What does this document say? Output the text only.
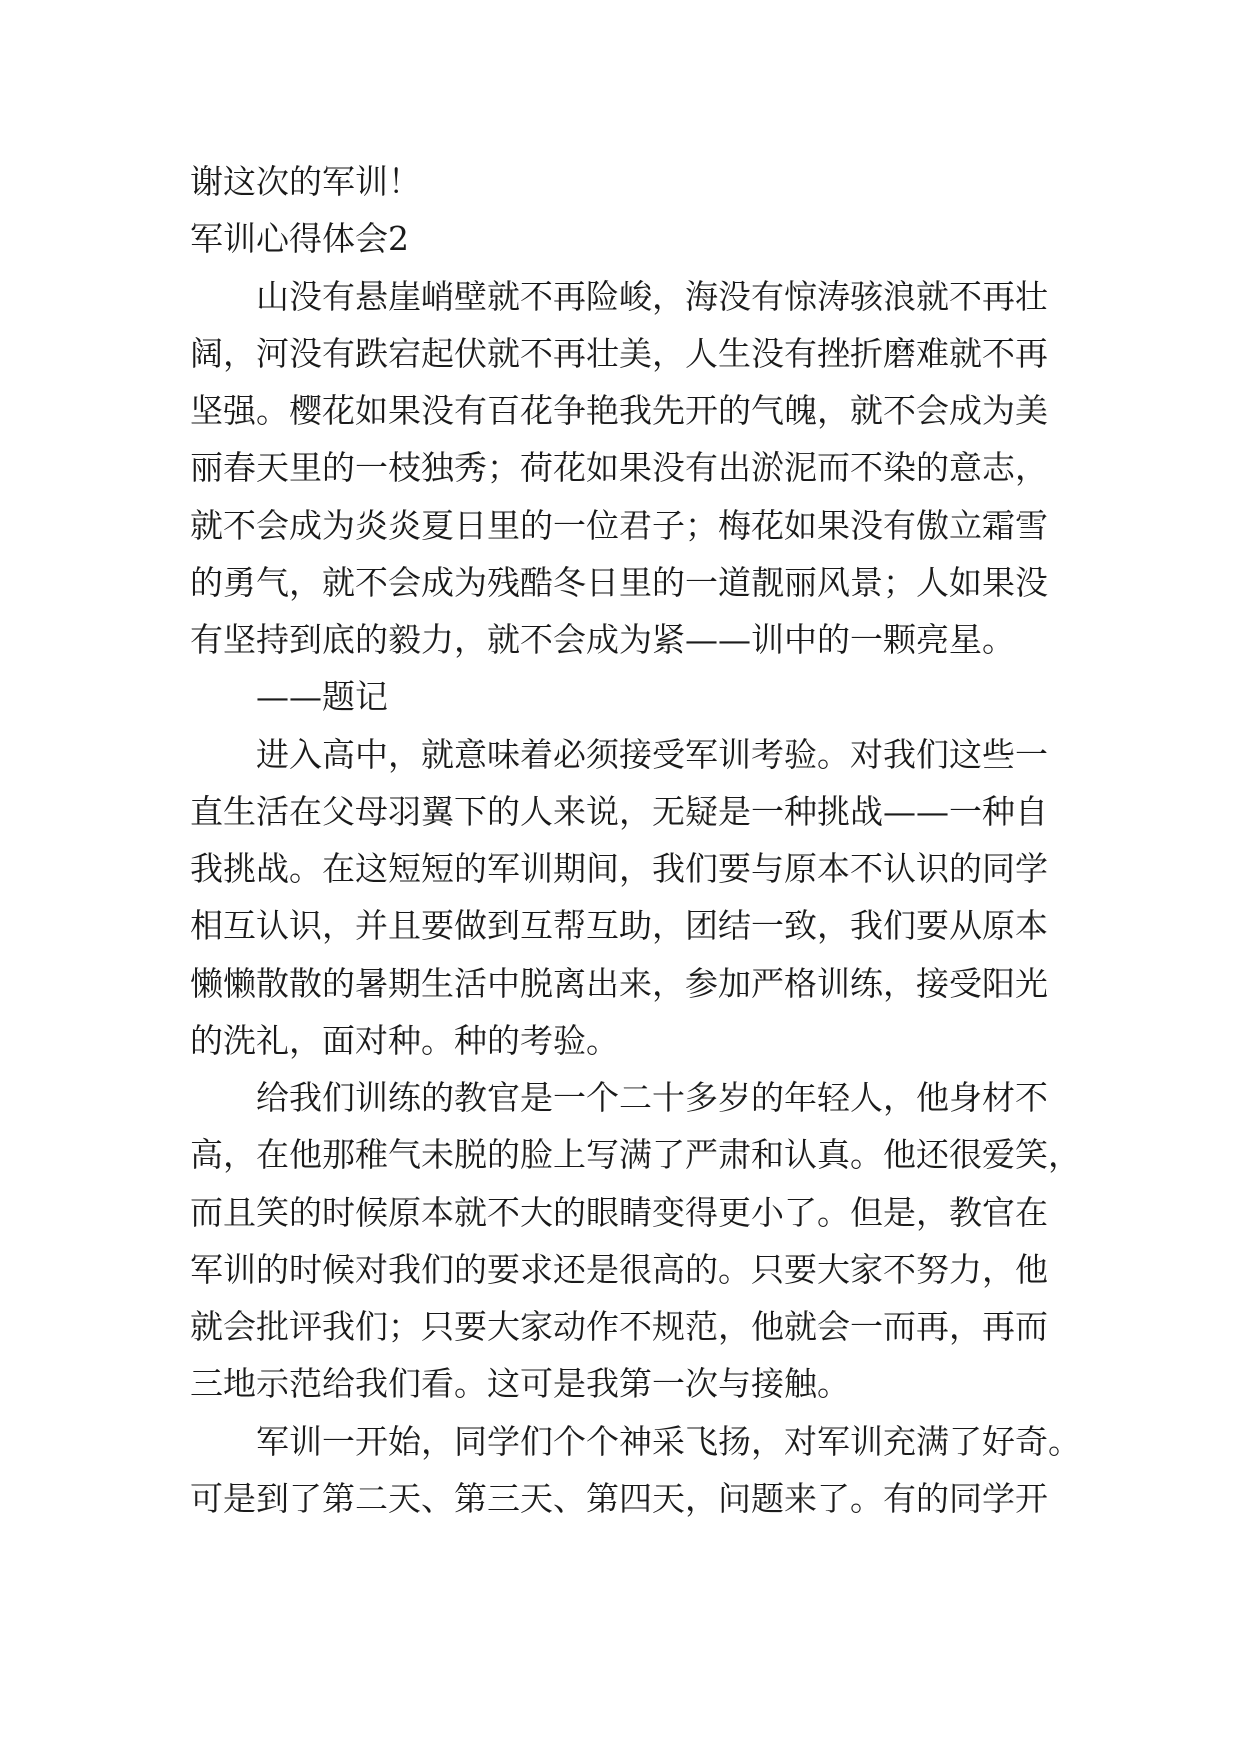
谢这次的军训！
军训心得体会2
山没有悬崖峭壁就不再险峻，海没有惊涛骇浪就不再壮
阔，河没有跌宕起伏就不再壮美，人生没有挫折磨难就不再
坚强。樱花如果没有百花争艳我先开的气魄，就不会成为美
丽春天里的一枝独秀；荷花如果没有出淤泥而不染的意志，
就不会成为炎炎夏日里的一位君子；梅花如果没有傲立霜雪
的勇气，就不会成为残酷冬日里的一道靓丽风景；人如果没
有坚持到底的毅力，就不会成为紧——训中的一颗亮星。
——题记
进入高中，就意味着必须接受军训考验。对我们这些一
直生活在父母羽翼下的人来说，无疑是一种挑战——一种自
我挑战。在这短短的军训期间，我们要与原本不认识的同学
相互认识，并且要做到互帮互助，团结一致，我们要从原本
懒懒散散的暑期生活中脱离出来，参加严格训练，接受阳光
的洗礼，面对种。种的考验。
给我们训练的教官是一个二十多岁的年轻人，他身材不
高，在他那稚气未脱的脸上写满了严肃和认真。他还很爱笑，
而且笑的时候原本就不大的眼睛变得更小了。但是，教官在
军训的时候对我们的要求还是很高的。只要大家不努力，他
就会批评我们；只要大家动作不规范，他就会一而再，再而
三地示范给我们看。这可是我第一次与接触。
军训一开始，同学们个个神采飞扬，对军训充满了好奇。
可是到了第二天、第三天、第四天，问题来了。有的同学开
